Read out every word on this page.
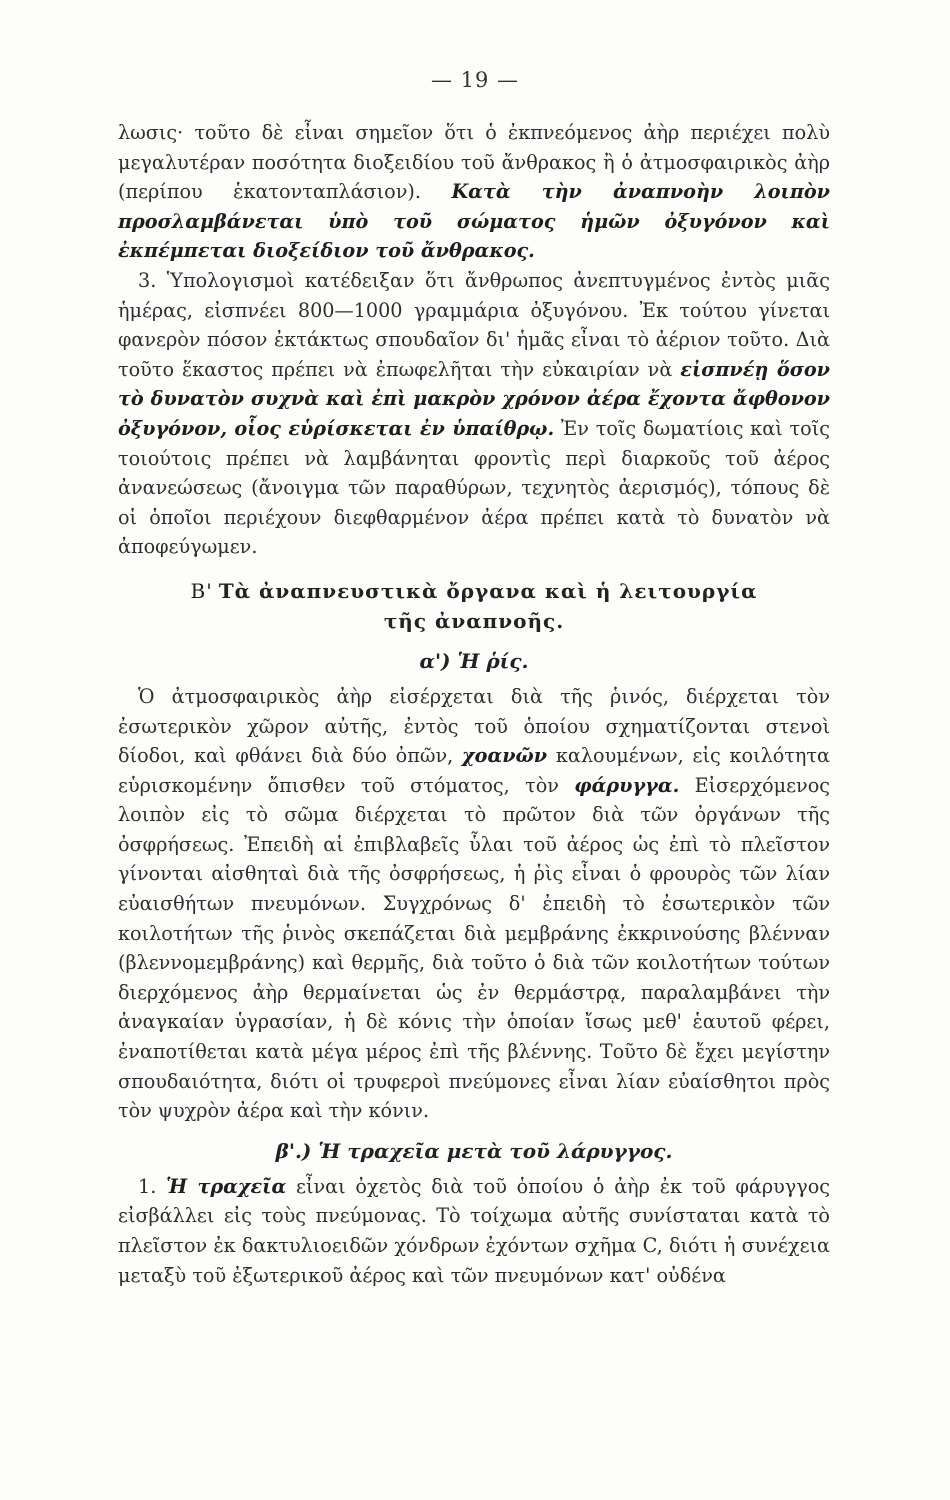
— 19 —

λωσις· τοῦτο δὲ εἶναι σημεῖον ὅτι ὁ ἐκπνεόμενος ἀὴρ περιέχει πολὺ μεγαλυτέραν ποσότητα διοξειδίου τοῦ ἄνθρακος ἢ ὁ ἀτμοσφαιρικὸς ἀὴρ (περίπου ἑκατονταπλάσιον). Κατὰ τὴν ἀναπνοὴν λοιπὸν προσλαμβάνεται ὑπὸ τοῦ σώματος ἡμῶν ὀξυγόνον καὶ ἐκπέμπεται διοξείδιον τοῦ ἄνθρακος.

3. Ὑπολογισμοὶ κατέδειξαν ὅτι ἄνθρωπος ἀνεπτυγμένος ἐντὸς μιᾶς ἡμέρας, εἰσπνέει 800—1000 γραμμάρια ὀξυγόνου. Ἐκ τούτου γίνεται φανερὸν πόσον ἐκτάκτως σπουδαῖον δι' ἡμᾶς εἶναι τὸ ἀέριον τοῦτο. Διὰ τοῦτο ἕκαστος πρέπει νὰ ἐπωφελῆται τὴν εὐκαιρίαν νὰ εἰσπνέῃ ὅσον τὸ δυνατὸν συχνὰ καὶ ἐπὶ μακρὸν χρόνον ἀέρα ἔχοντα ἄφθονον ὀξυγόνον, οἷος εὑρίσκεται ἐν ὑπαίθρῳ. Ἐν τοῖς δωματίοις καὶ τοῖς τοιούτοις πρέπει νὰ λαμβάνηται φροντὶς περὶ διαρκοῦς τοῦ ἀέρος ἀνανεώσεως (ἄνοιγμα τῶν παραθύρων, τεχνητὸς ἀερισμός), τόπους δὲ οἱ ὁποῖοι περιέχουν διεφθαρμένον ἀέρα πρέπει κατὰ τὸ δυνατὸν νὰ ἀποφεύγωμεν.

Β' Τὰ ἀναπνευστικὰ ὄργανα καὶ ἡ λειτουργία
τῆς ἀναπνοῆς.
α') Ἡ ῥίς.

Ὁ ἀτμοσφαιρικὸς ἀὴρ εἰσέρχεται διὰ τῆς ῥινός, διέρχεται τὸν ἐσωτερικὸν χῶρον αὐτῆς, ἐντὸς τοῦ ὁποίου σχηματίζονται στενοὶ δίοδοι, καὶ φθάνει διὰ δύο ὀπῶν, χοανῶν καλουμένων, εἰς κοιλότητα εὑρισκομένην ὄπισθεν τοῦ στόματος, τὸν φάρυγγα. Εἰσερχόμενος λοιπὸν εἰς τὸ σῶμα διέρχεται τὸ πρῶτον διὰ τῶν ὀργάνων τῆς ὀσφρήσεως. Ἐπειδὴ αἱ ἐπιβλαβεῖς ὗλαι τοῦ ἀέρος ὡς ἐπὶ τὸ πλεῖστον γίνονται αἰσθηταὶ διὰ τῆς ὀσφρήσεως, ἡ ῥὶς εἶναι ὁ φρουρὸς τῶν λίαν εὐαισθήτων πνευμόνων. Συγχρόνως δ' ἐπειδὴ τὸ ἐσωτερικὸν τῶν κοιλοτήτων τῆς ῥινὸς σκεπάζεται διὰ μεμβράνης ἐκκρινούσης βλένναν (βλεννομεμβράνης) καὶ θερμῆς, διὰ τοῦτο ὁ διὰ τῶν κοιλοτήτων τούτων διερχόμενος ἀὴρ θερμαίνεται ὡς ἐν θερμάστρᾳ, παραλαμβάνει τὴν ἀναγκαίαν ὑγρασίαν, ἡ δὲ κόνις τὴν ὁποίαν ἴσως μεθ' ἑαυτοῦ φέρει, ἐναποτίθεται κατὰ μέγα μέρος ἐπὶ τῆς βλέννης. Τοῦτο δὲ ἔχει μεγίστην σπουδαιότητα, διότι οἱ τρυφεροὶ πνεύμονες εἶναι λίαν εὐαίσθητοι πρὸς τὸν ψυχρὸν ἀέρα καὶ τὴν κόνιν.

β'.) Ἡ τραχεῖα μετὰ τοῦ λάρυγγος.

1. Ἡ τραχεῖα εἶναι ὀχετὸς διὰ τοῦ ὁποίου ὁ ἀὴρ ἐκ τοῦ φάρυγγος εἰσβάλλει εἰς τοὺς πνεύμονας. Τὸ τοίχωμα αὐτῆς συνίσταται κατὰ τὸ πλεῖστον ἐκ δακτυλιοειδῶν χόνδρων ἐχόντων σχῆμα C, διότι ἡ συνέχεια μεταξὺ τοῦ ἐξωτερικοῦ ἀέρος καὶ τῶν πνευμόνων κατ' οὐδένα
